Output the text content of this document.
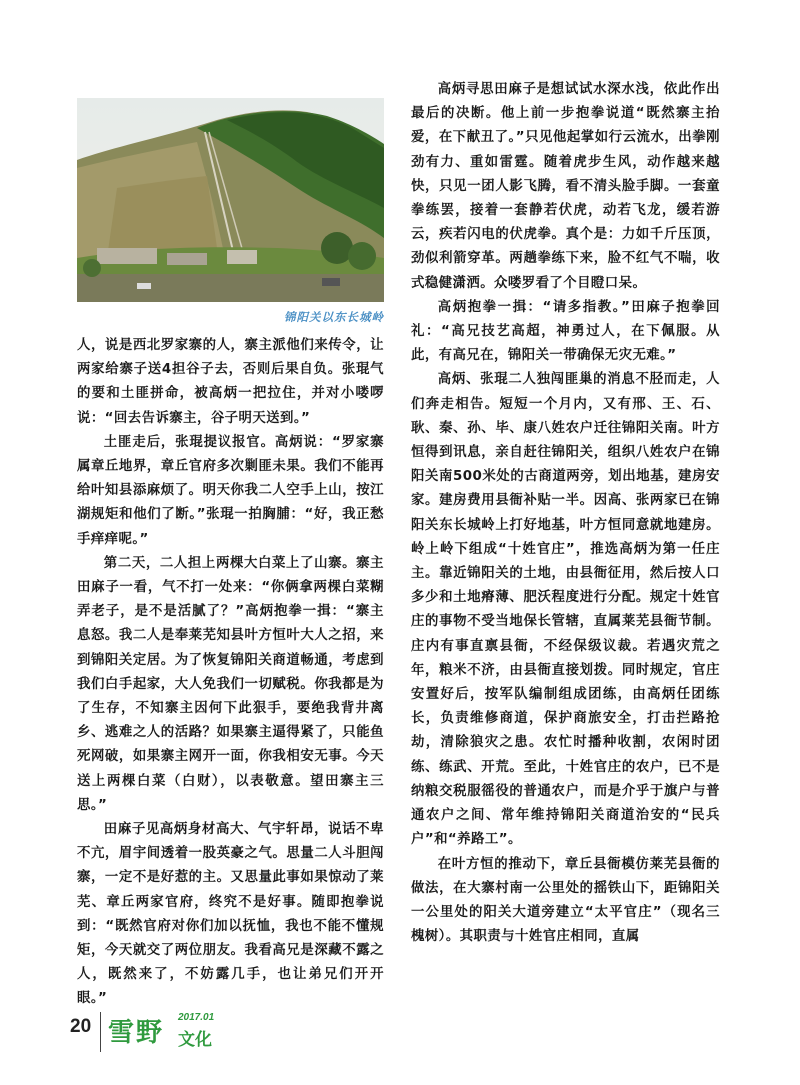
锦阳关以东长城岭

人，说是西北罗家寨的人，寨主派他们来传令，让两家给寨子送4担谷子去，否则后果自负。张琨气的要和土匪拼命，被高炳一把拉住，并对小喽啰说：“回去告诉寨主，谷子明天送到。”

土匪走后，张琨提议报官。高炳说：“罗家寨属章丘地界，章丘官府多次剿匪未果。我们不能再给叶知县添麻烦了。明天你我二人空手上山，按江湖规矩和他们了断。”张琨一拍胸脯：“好，我正愁手痒痒呢。”

第二天，二人担上两棵大白菜上了山寨。寨主田麻子一看，气不打一处来：“你俩拿两棵白菜糊弄老子，是不是活腻了？”高炳抱拳一揖：“寨主息怒。我二人是奉莱芜知县叶方恒叶大人之招，来到锦阳关定居。为了恢复锦阳关商道畅通，考虑到我们白手起家，大人免我们一切赋税。你我都是为了生存，不知寨主因何下此狠手，要绝我背井离乡、逃难之人的活路？如果寨主逼得紧了，只能鱼死网破，如果寨主网开一面，你我相安无事。今天送上两棵白菜（白财），以表敬意。望田寨主三思。”

田麻子见高炳身材高大、气宇轩昂，说话不卑不亢，眉宇间透着一股英豪之气。思量二人斗胆闯寨，一定不是好惹的主。又思量此事如果惊动了莱芜、章丘两家官府，终究不是好事。随即抱拳说到：“既然官府对你们加以抚恤，我也不能不懂规矩，今天就交了两位朋友。我看高兄是深藏不露之人，既然来了，不妨露几手，也让弟兄们开开眼。”

高炳寻思田麻子是想试试水深水浅，依此作出最后的决断。他上前一步抱拳说道“既然寨主抬爱，在下献丑了。”只见他起掌如行云流水，出拳刚劲有力、重如雷霆。随着虎步生风，动作越来越快，只见一团人影飞腾，看不清头脸手脚。一套童拳练罢，接着一套静若伏虎，动若飞龙，缓若游云，疾若闪电的伏虎拳。真个是：力如千斤压顶，劲似利箭穿革。两趟拳练下来，脸不红气不喘，收式稳健潇洒。众喽罗看了个目瞪口呆。

高炳抱拳一揖：“请多指教。”田麻子抱拳回礼：“高兄技艺高超，神勇过人，在下佩服。从此，有高兄在，锦阳关一带确保无灾无难。”

高炳、张琨二人独闯匪巢的消息不胫而走，人们奔走相告。短短一个月内，又有邢、王、石、耿、秦、孙、毕、康八姓农户迁往锦阳关南。叶方恒得到讯息，亲自赶往锦阳关，组织八姓农户在锦阳关南500米处的古商道两旁，划出地基，建房安家。建房费用县衙补贴一半。因高、张两家已在锦阳关东长城岭上打好地基，叶方恒同意就地建房。岭上岭下组成“十姓官庄”，推选高炳为第一任庄主。靠近锦阳关的土地，由县衙征用，然后按人口多少和土地瘠薄、肥沃程度进行分配。规定十姓官庄的事物不受当地保长管辖，直属莱芜县衙节制。庄内有事直禀县衙，不经保级议裁。若遇灾荒之年，粮米不济，由县衙直接划拨。同时规定，官庄安置好后，按军队编制组成团练，由高炳任团练长，负责维修商道，保护商旅安全，打击拦路抢劫，清除狼灾之患。农忙时播种收割，农闲时团练、练武、开荒。至此，十姓官庄的农户，已不是纳粮交税服徭役的普通农户，而是介乎于旗户与普通农户之间、常年维持锦阳关商道治安的“民兵户”和“养路工”。

在叶方恒的推动下，章丘县衙模仿莱芜县衙的做法，在大寨村南一公里处的摇铁山下，距锦阳关一公里处的阳关大道旁建立“太平官庄”（现名三槐树）。其职责与十姓官庄相同，直属

20 雪野
2017.01
文化
